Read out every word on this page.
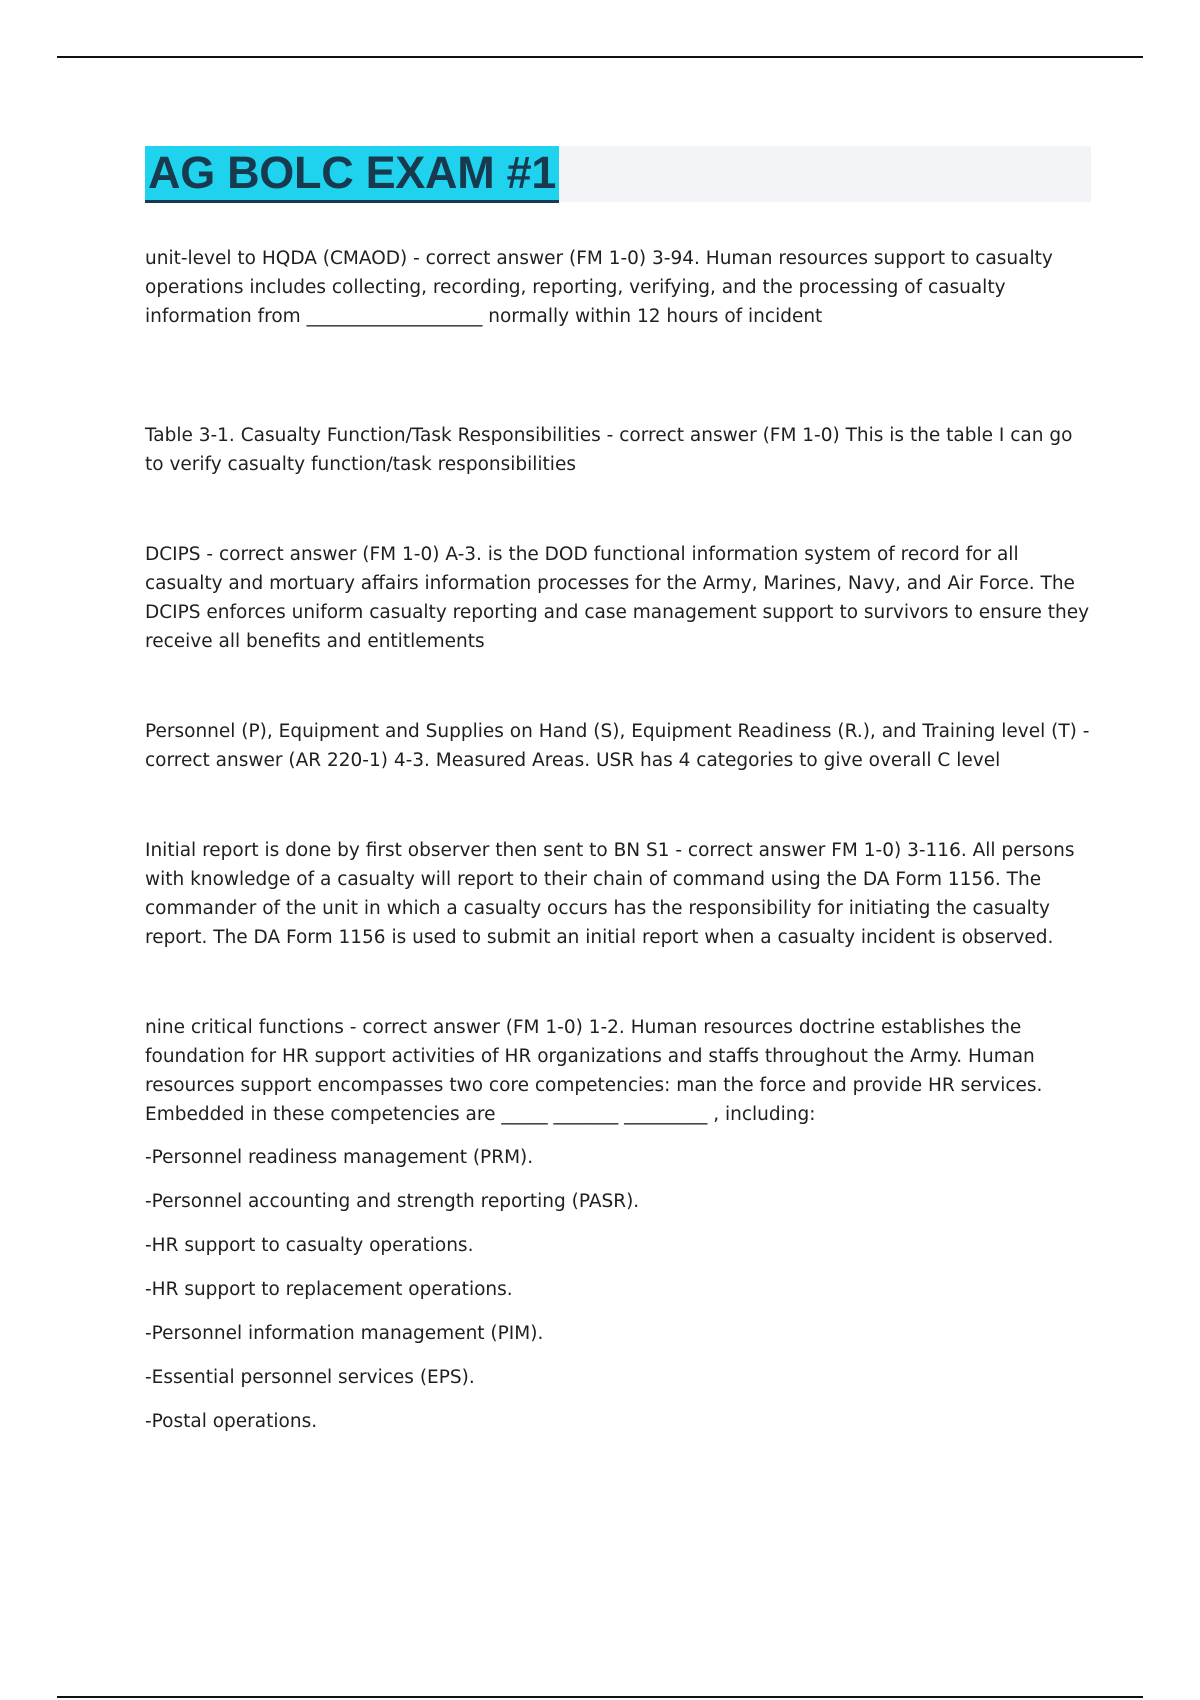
AG BOLC EXAM #1

unit-level to HQDA (CMAOD) - correct answer (FM 1-0) 3-94. Human resources support to casualty operations includes collecting, recording, reporting, verifying, and the processing of casualty information from ___________________ normally within 12 hours of incident

Table 3-1. Casualty Function/Task Responsibilities - correct answer (FM 1-0) This is the table I can go to verify casualty function/task responsibilities

DCIPS - correct answer (FM 1-0) A-3. is the DOD functional information system of record for all casualty and mortuary affairs information processes for the Army, Marines, Navy, and Air Force. The DCIPS enforces uniform casualty reporting and case management support to survivors to ensure they receive all benefits and entitlements

Personnel (P), Equipment and Supplies on Hand (S), Equipment Readiness (R.), and Training level (T) - correct answer (AR 220-1) 4-3. Measured Areas. USR has 4 categories to give overall C level

Initial report is done by first observer then sent to BN S1 - correct answer FM 1-0) 3-116. All persons with knowledge of a casualty will report to their chain of command using the DA Form 1156. The commander of the unit in which a casualty occurs has the responsibility for initiating the casualty report. The DA Form 1156 is used to submit an initial report when a casualty incident is observed.

nine critical functions - correct answer (FM 1-0) 1-2. Human resources doctrine establishes the foundation for HR support activities of HR organizations and staffs throughout the Army. Human resources support encompasses two core competencies: man the force and provide HR services. Embedded in these competencies are _____ _______ _________ , including:

-Personnel readiness management (PRM).
-Personnel accounting and strength reporting (PASR).
-HR support to casualty operations.
-HR support to replacement operations.
-Personnel information management (PIM).
-Essential personnel services (EPS).
-Postal operations.
